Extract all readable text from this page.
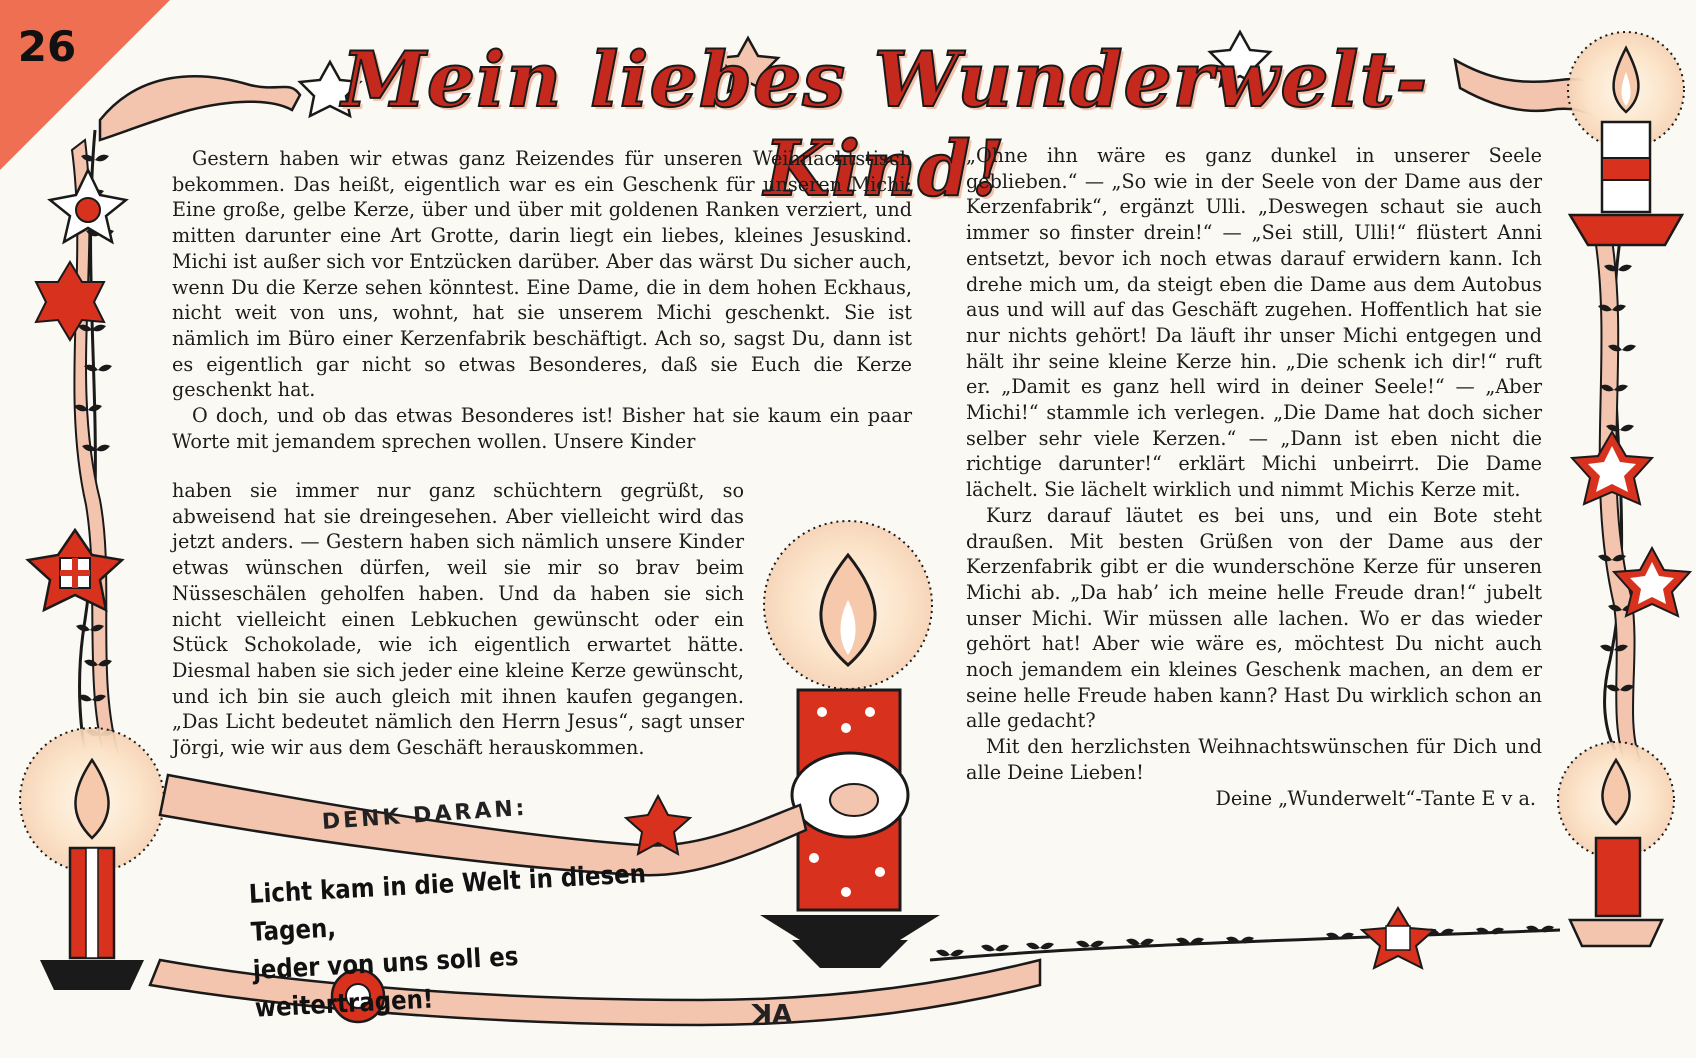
26	Mein liebes Wunderwelt-Kind!

Gestern haben wir etwas ganz Reizendes für unseren Weihnachtstisch bekommen. Das heißt, eigentlich war es ein Geschenk für unseren Michi: Eine große, gelbe Kerze, über und über mit goldenen Ranken verziert, und mitten darunter eine Art Grotte, darin liegt ein liebes, kleines Jesuskind. Michi ist außer sich vor Entzücken darüber. Aber das wärst Du sicher auch, wenn Du die Kerze sehen könntest. Eine Dame, die in dem hohen Eckhaus, nicht weit von uns, wohnt, hat sie unserem Michi geschenkt. Sie ist nämlich im Büro einer Kerzenfabrik beschäftigt. Ach so, sagst Du, dann ist es eigentlich gar nicht so etwas Besonderes, daß sie Euch die Kerze geschenkt hat.

O doch, und ob das etwas Besonderes ist! Bisher hat sie kaum ein paar Worte mit jemandem sprechen wollen. Unsere Kinder

haben sie immer nur ganz schüchtern gegrüßt, so abweisend hat sie dreingesehen. Aber vielleicht wird das jetzt anders. — Gestern haben sich nämlich unsere Kinder etwas wünschen dürfen, weil sie mir so brav beim Nüsseschälen geholfen haben. Und da haben sie sich nicht vielleicht einen Lebkuchen gewünscht oder ein Stück Schokolade, wie ich eigentlich erwartet hätte. Diesmal haben sie sich jeder eine kleine Kerze gewünscht, und ich bin sie auch gleich mit ihnen kaufen gegangen. „Das Licht bedeutet nämlich den Herrn Jesus“, sagt unser Jörgi, wie wir aus dem Geschäft herauskommen.

„Ohne ihn wäre es ganz dunkel in unserer Seele geblieben.“ — „So wie in der Seele von der Dame aus der Kerzenfabrik“, ergänzt Ulli. „Deswegen schaut sie auch immer so finster drein!“ — „Sei still, Ulli!“ flüstert Anni entsetzt, bevor ich noch etwas darauf erwidern kann. Ich drehe mich um, da steigt eben die Dame aus dem Autobus aus und will auf das Geschäft zugehen. Hoffentlich hat sie nur nichts gehört! Da läuft ihr unser Michi entgegen und hält ihr seine kleine Kerze hin. „Die schenk ich dir!“ ruft er. „Damit es ganz hell wird in deiner Seele!“ — „Aber Michi!“ stammle ich verlegen. „Die Dame hat doch sicher selber sehr viele Kerzen.“ — „Dann ist eben nicht die richtige darunter!“ erklärt Michi unbeirrt. Die Dame lächelt. Sie lächelt wirklich und nimmt Michis Kerze mit.

Kurz darauf läutet es bei uns, und ein Bote steht draußen. Mit besten Grüßen von der Dame aus der Kerzenfabrik gibt er die wunderschöne Kerze für unseren Michi ab. „Da hab’ ich meine helle Freude dran!“ jubelt unser Michi. Wir müssen alle lachen. Wo er das wieder gehört hat! Aber wie wäre es, möchtest Du nicht auch noch jemandem ein kleines Geschenk machen, an dem er seine helle Freude haben kann? Hast Du wirklich schon an alle gedacht?

Mit den herzlichsten Weihnachtswünschen für Dich und alle Deine Lieben!

Deine „Wunderwelt“-Tante E v a.

DENK DARAN:
Licht kam in die Welt in diesen Tagen,
jeder von uns soll es weitertragen!	ꓘA
